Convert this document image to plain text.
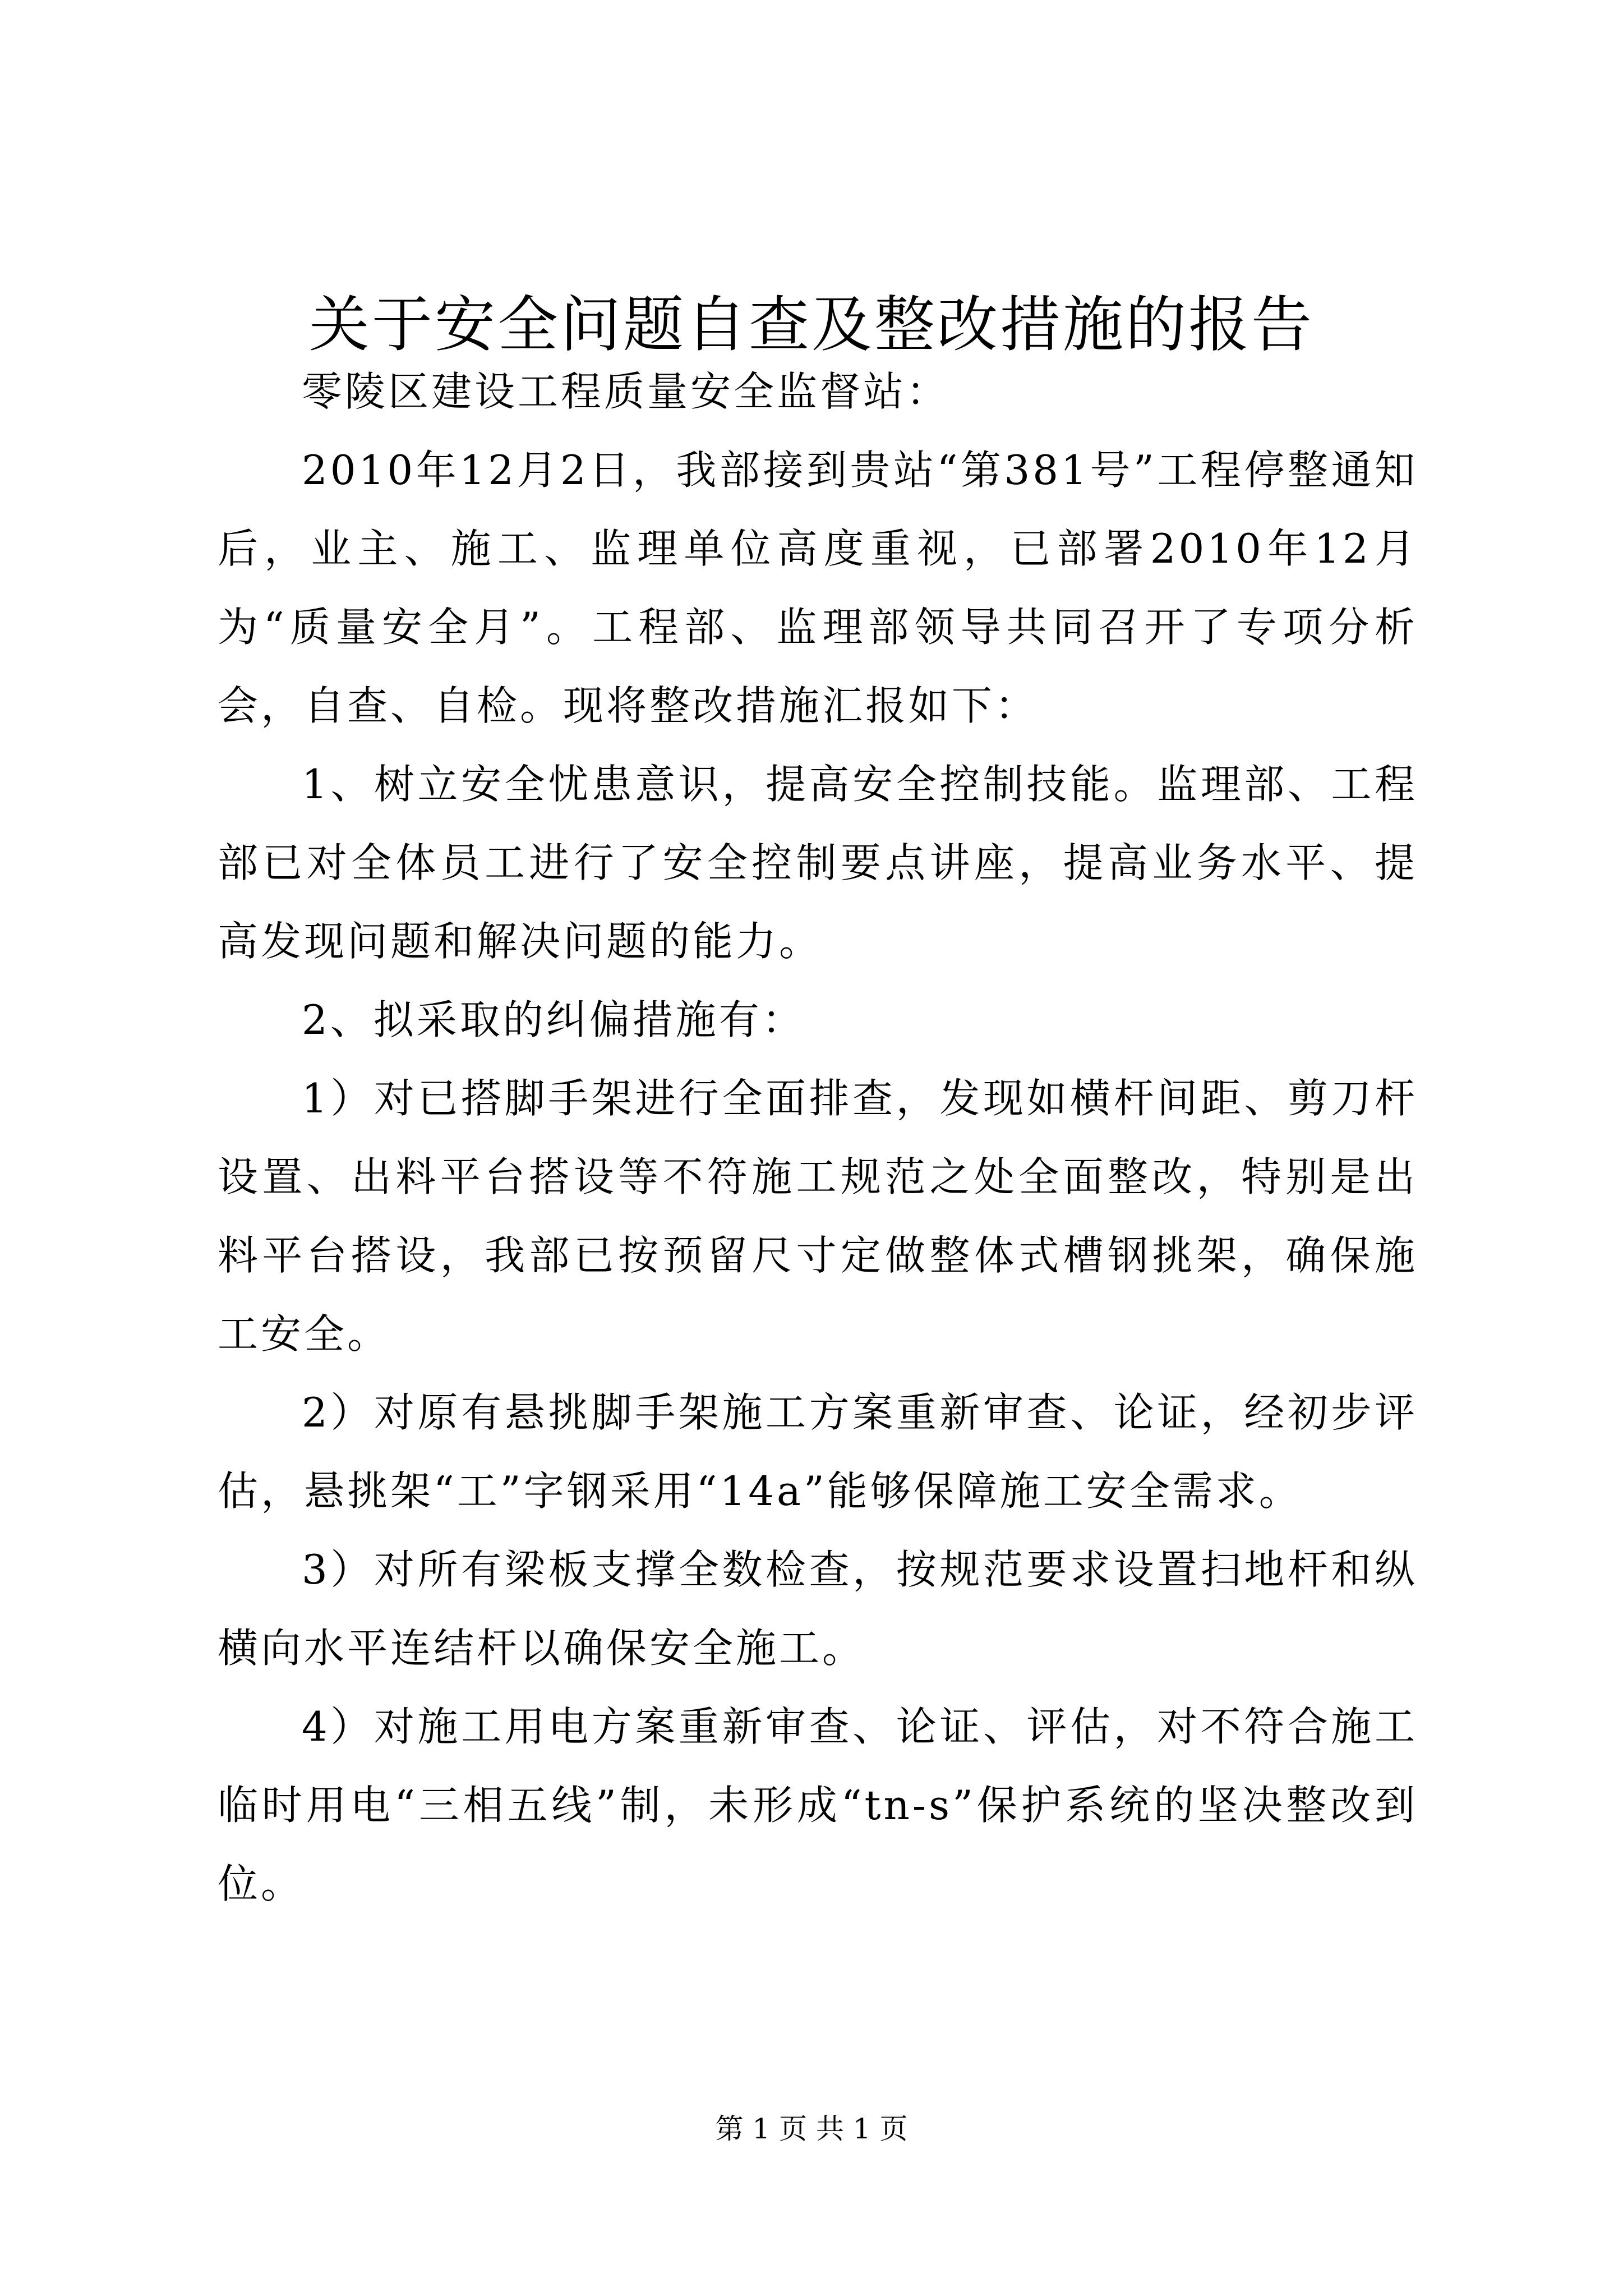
关于安全问题自查及整改措施的报告

零陵区建设工程质量安全监督站：

2010年12月2日，我部接到贵站“第381号”工程停整通知后，业主、施工、监理单位高度重视，已部署2010年12月为“质量安全月”。工程部、监理部领导共同召开了专项分析会，自查、自检。现将整改措施汇报如下：

1、树立安全忧患意识，提高安全控制技能。监理部、工程部已对全体员工进行了安全控制要点讲座，提高业务水平、提高发现问题和解决问题的能力。

2、拟采取的纠偏措施有：

1）对已搭脚手架进行全面排查，发现如横杆间距、剪刀杆设置、出料平台搭设等不符施工规范之处全面整改，特别是出料平台搭设，我部已按预留尺寸定做整体式槽钢挑架，确保施工安全。

2）对原有悬挑脚手架施工方案重新审查、论证，经初步评估，悬挑架“工”字钢采用“14a”能够保障施工安全需求。

3）对所有梁板支撑全数检查，按规范要求设置扫地杆和纵横向水平连结杆以确保安全施工。

4）对施工用电方案重新审查、论证、评估，对不符合施工临时用电“三相五线”制，未形成“tn-s”保护系统的坚决整改到位。

第 1 页 共 1 页
